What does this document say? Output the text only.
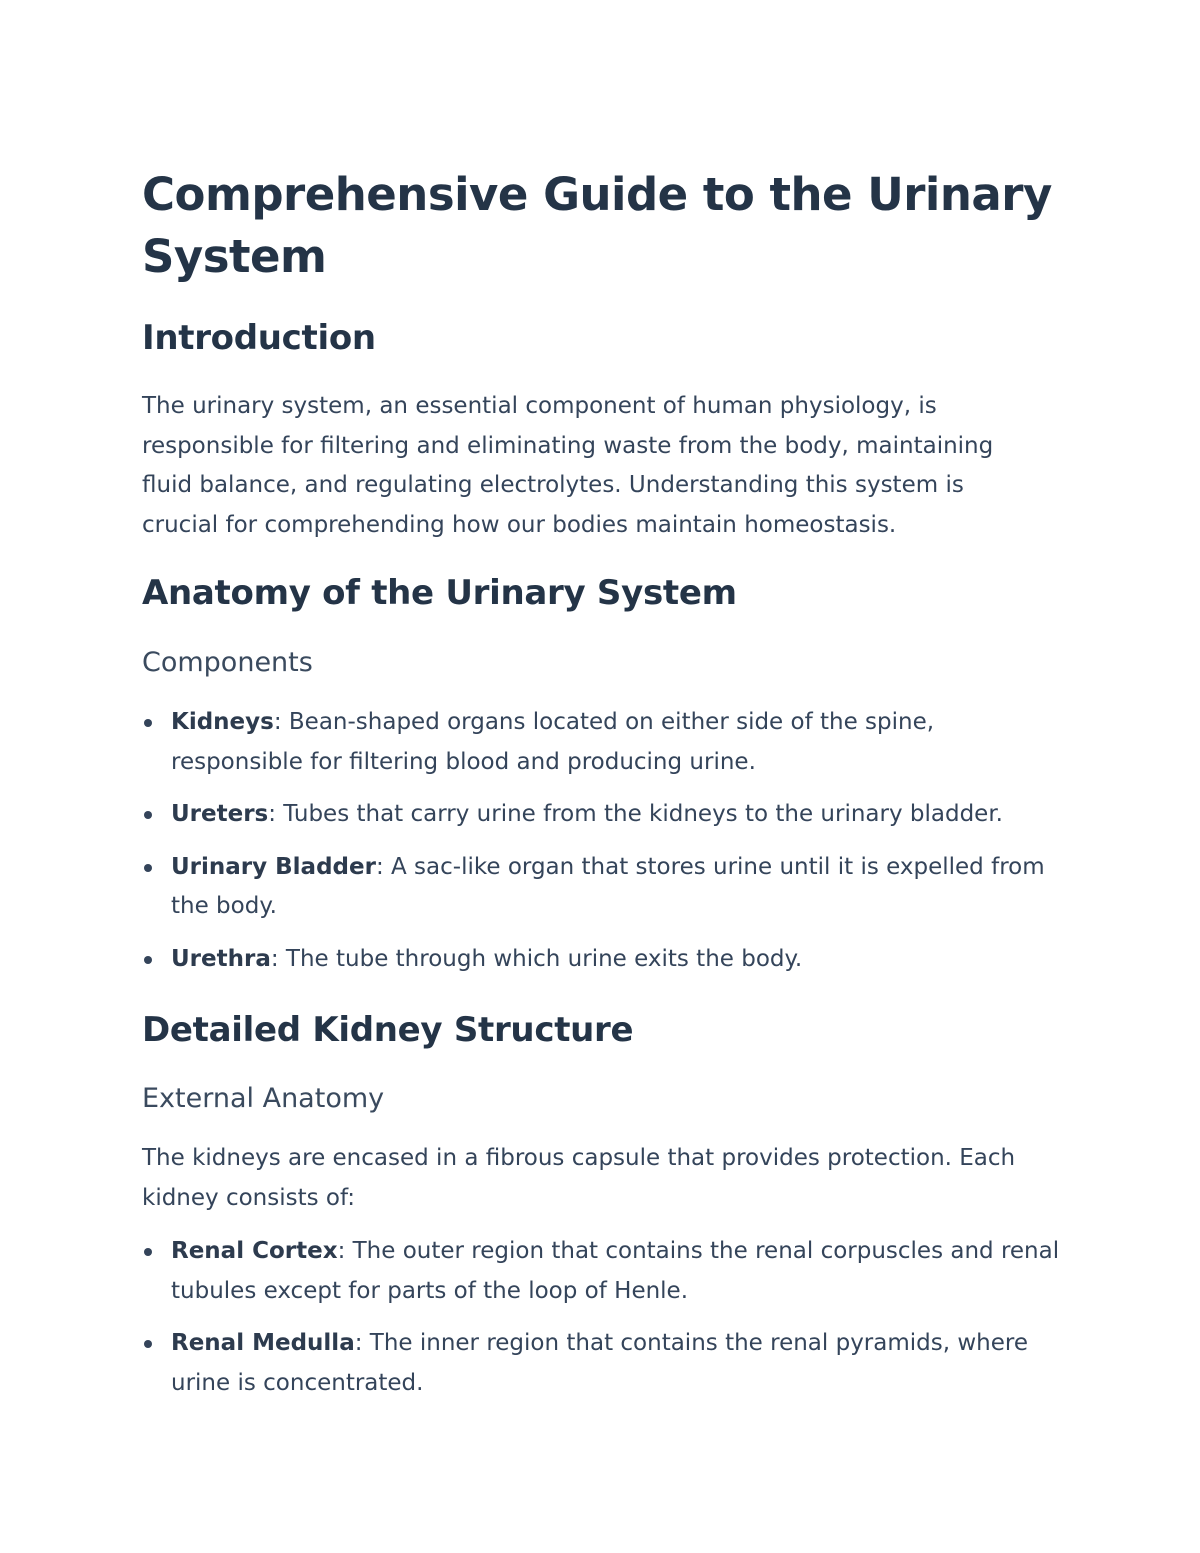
Comprehensive Guide to the Urinary System
Introduction

The urinary system, an essential component of human physiology, is responsible for filtering and eliminating waste from the body, maintaining fluid balance, and regulating electrolytes. Understanding this system is crucial for comprehending how our bodies maintain homeostasis.

Anatomy of the Urinary System
Components
Kidneys: Bean-shaped organs located on either side of the spine, responsible for filtering blood and producing urine.
Ureters: Tubes that carry urine from the kidneys to the urinary bladder.
Urinary Bladder: A sac-like organ that stores urine until it is expelled from the body.
Urethra: The tube through which urine exits the body.
Detailed Kidney Structure
External Anatomy

The kidneys are encased in a fibrous capsule that provides protection. Each kidney consists of:

Renal Cortex: The outer region that contains the renal corpuscles and renal tubules except for parts of the loop of Henle.
Renal Medulla: The inner region that contains the renal pyramids, where urine is concentrated.
